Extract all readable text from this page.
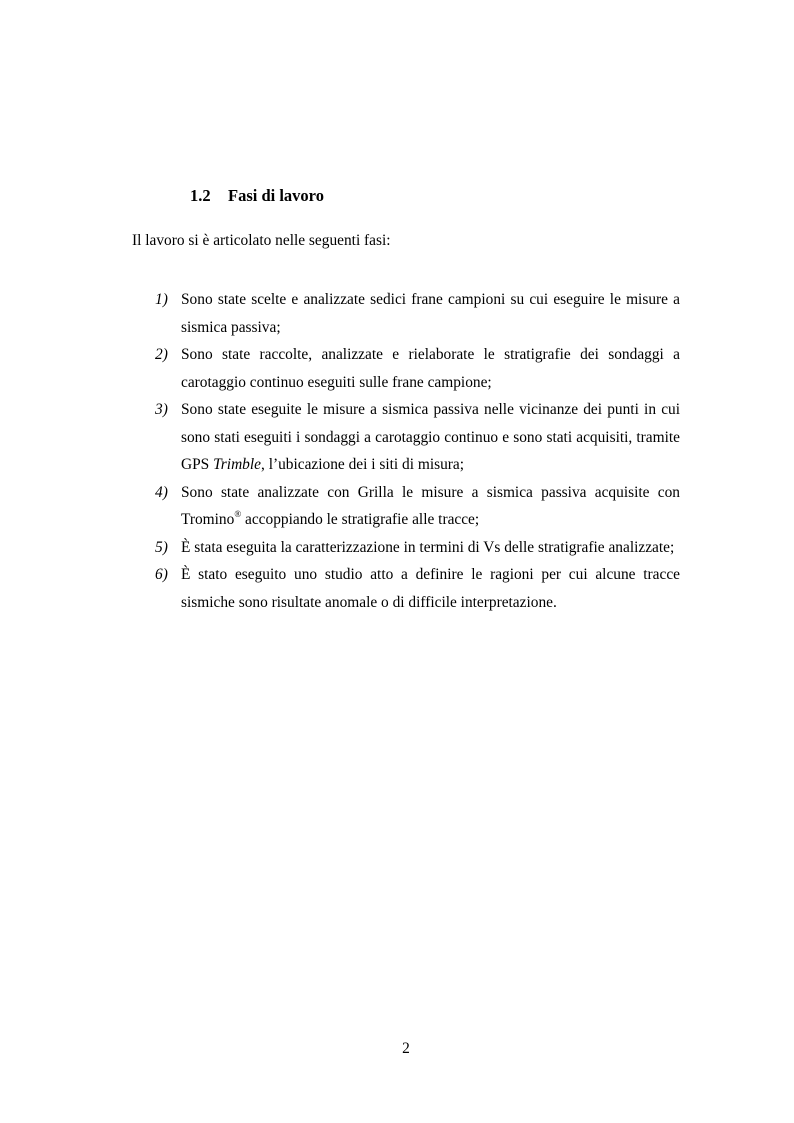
1.2 Fasi di lavoro

Il lavoro si è articolato nelle seguenti fasi:

1) Sono state scelte e analizzate sedici frane campioni su cui eseguire le misure a sismica passiva;
2) Sono state raccolte, analizzate e rielaborate le stratigrafie dei sondaggi a carotaggio continuo eseguiti sulle frane campione;
3) Sono state eseguite le misure a sismica passiva nelle vicinanze dei punti in cui sono stati eseguiti i sondaggi a carotaggio continuo e sono stati acquisiti, tramite GPS Trimble, l’ubicazione dei i siti di misura;
4) Sono state analizzate con Grilla le misure a sismica passiva acquisite con Tromino® accoppiando le stratigrafie alle tracce;
5) È stata eseguita la caratterizzazione in termini di Vs delle stratigrafie analizzate;
6) È stato eseguito uno studio atto a definire le ragioni per cui alcune tracce sismiche sono risultate anomale o di difficile interpretazione.
2
